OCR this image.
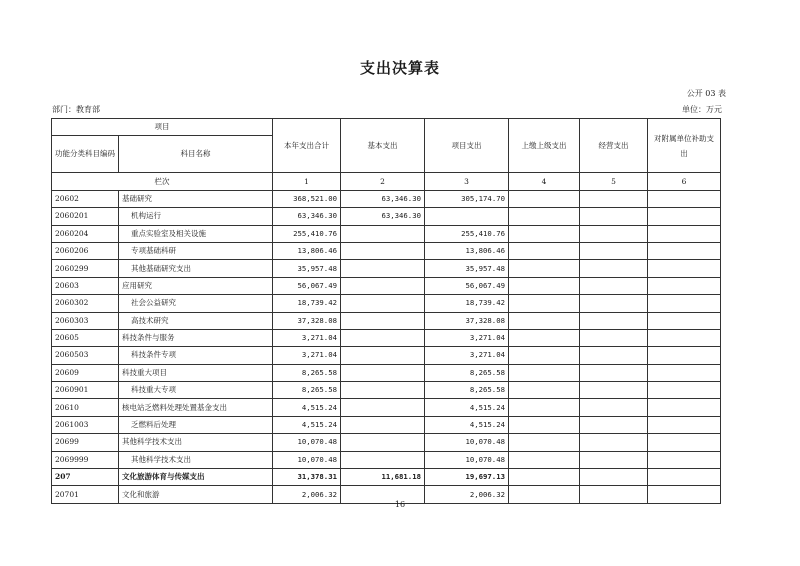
支出决算表
公开 03 表
部门：教育部	单位：万元
项目		本年支出合计	基本支出	项目支出	上缴上级支出	经营支出	对附属单位补助支出
功能分类科目编码	科目名称						
栏次		1	2	3	4	5	6
20602	基础研究	368,521.00	63,346.30	305,174.70			
2060201	机构运行	63,346.30	63,346.30				
2060204	重点实验室及相关设施	255,410.76		255,410.76			
2060206	专项基础科研	13,806.46		13,806.46			
2060299	其他基础研究支出	35,957.48		35,957.48			
20603	应用研究	56,067.49		56,067.49			
2060302	社会公益研究	18,739.42		18,739.42			
2060303	高技术研究	37,328.08		37,328.08			
20605	科技条件与服务	3,271.04		3,271.04			
2060503	科技条件专项	3,271.04		3,271.04			
20609	科技重大项目	8,265.58		8,265.58			
2060901	科技重大专项	8,265.58		8,265.58			
20610	核电站乏燃料处理处置基金支出	4,515.24		4,515.24			
2061003	乏燃料后处理	4,515.24		4,515.24			
20699	其他科学技术支出	10,070.48		10,070.48			
2069999	其他科学技术支出	10,070.48		10,070.48			
207	文化旅游体育与传媒支出	31,378.31	11,681.18	19,697.13			
20701	文化和旅游	2,006.32		2,006.32			
16
